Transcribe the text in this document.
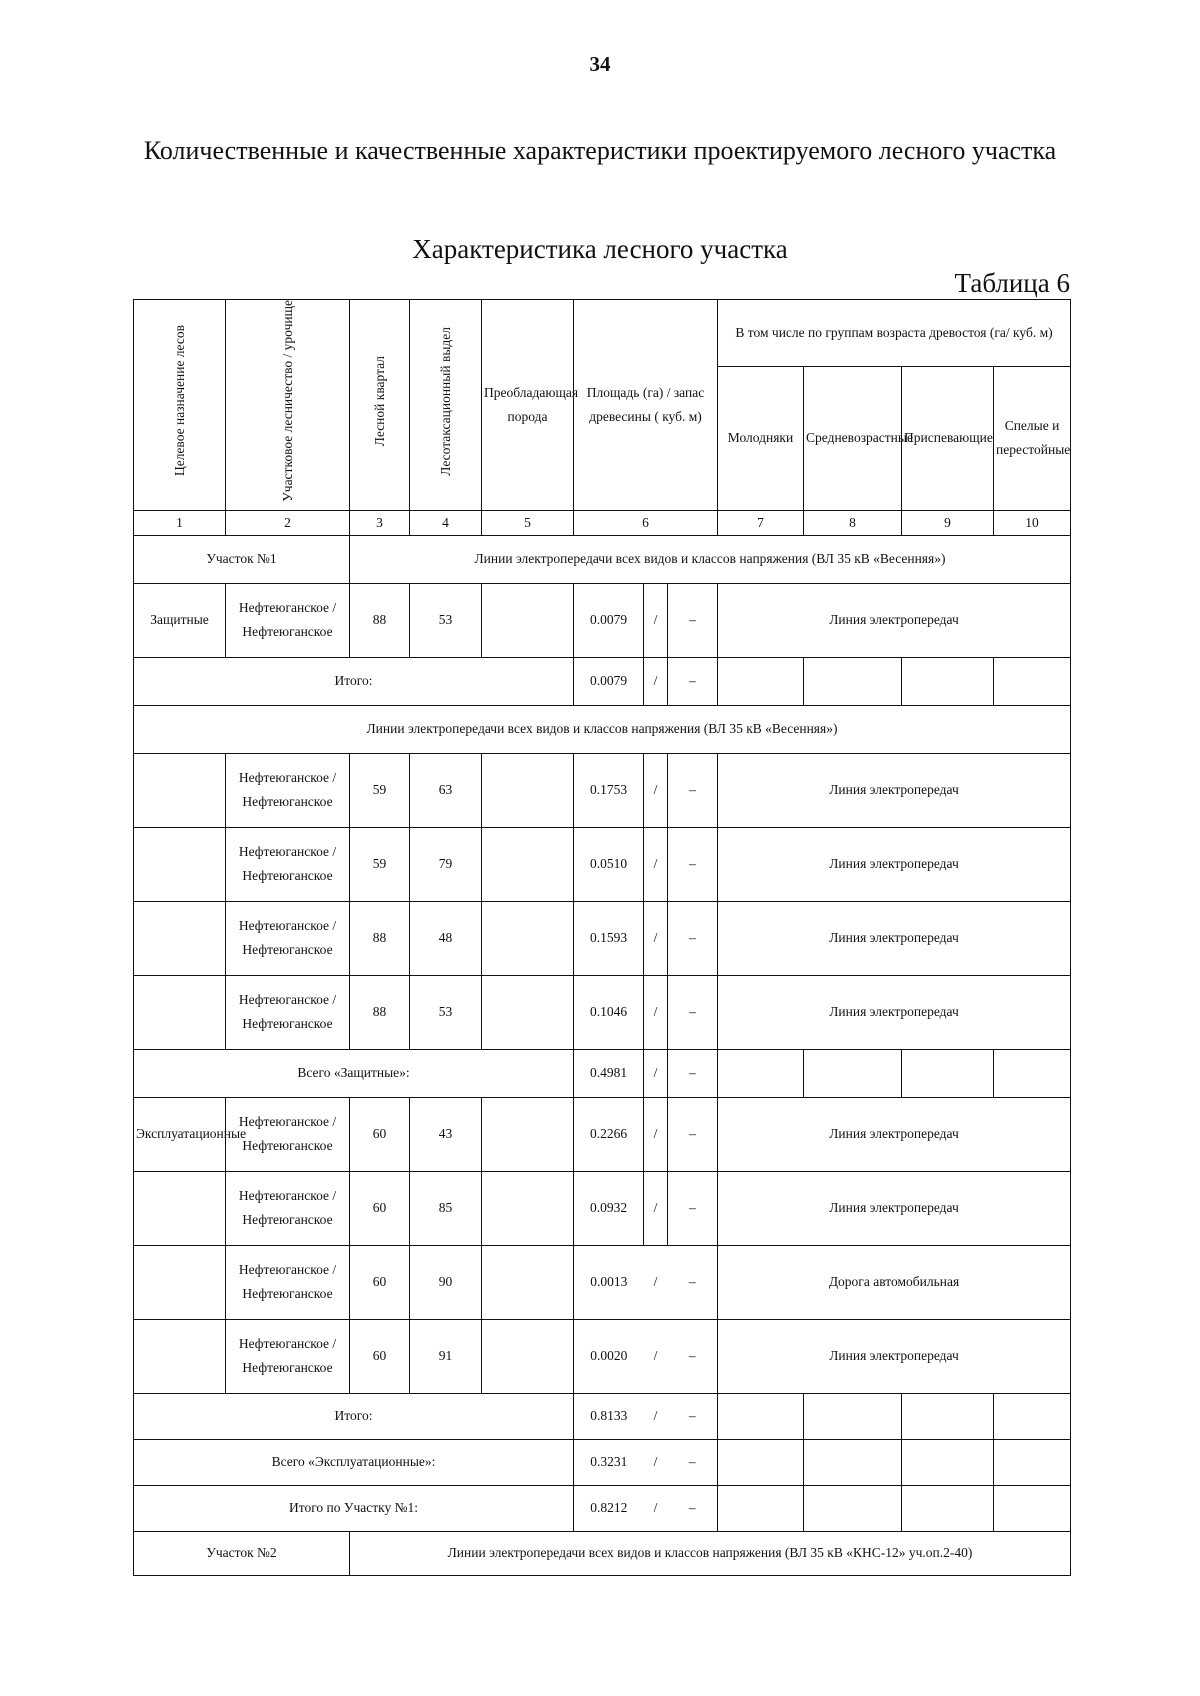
34
Количественные и качественные характеристики проектируемого лесного участка
Характеристика лесного участка
Таблица 6
Целевое назначение лесов	Участковое лесничество / урочище	Лесной квартал	Лесотаксационный выдел	Преобладающая порода	Площадь (га) / запас древесины ( куб. м)			В том числе по группам возраста древостоя (га/ куб. м)			
								Молодняки	Средневозрастные	Приспевающие	Спелые и перестойные
1	2	3	4	5	6			7	8	9	10
Участок №1		Линии электропередачи всех видов и классов напряжения (ВЛ 35 кВ «Весенняя»)									
Защитные	Нефтеюганское / Нефтеюганское	88	53		0.0079	/	–	Линия электропередач			
Итого:					0.0079	/	–				
Линии электропередачи всех видов и классов напряжения (ВЛ 35 кВ «Весенняя»)											
	Нефтеюганское / Нефтеюганское	59	63		0.1753	/	–	Линия электропередач			
	Нефтеюганское / Нефтеюганское	59	79		0.0510	/	–	Линия электропередач			
	Нефтеюганское / Нефтеюганское	88	48		0.1593	/	–	Линия электропередач			
	Нефтеюганское / Нефтеюганское	88	53		0.1046	/	–	Линия электропередач			
Всего «Защитные»:					0.4981	/	–				
Эксплуатационные	Нефтеюганское / Нефтеюганское	60	43		0.2266	/	–	Линия электропередач			
	Нефтеюганское / Нефтеюганское	60	85		0.0932	/	–	Линия электропередач			
	Нефтеюганское / Нефтеюганское	60	90		0.0013	/	–	Дорога автомобильная			
	Нефтеюганское / Нефтеюганское	60	91		0.0020	/	–	Линия электропередач			
Итого:					0.8133	/	–				
Всего «Эксплуатационные»:					0.3231	/	–				
Итого по Участку №1:					0.8212	/	–				
Участок №2		Линии электропередачи всех видов и классов напряжения (ВЛ 35 кВ «КНС-12» уч.оп.2-40)									
